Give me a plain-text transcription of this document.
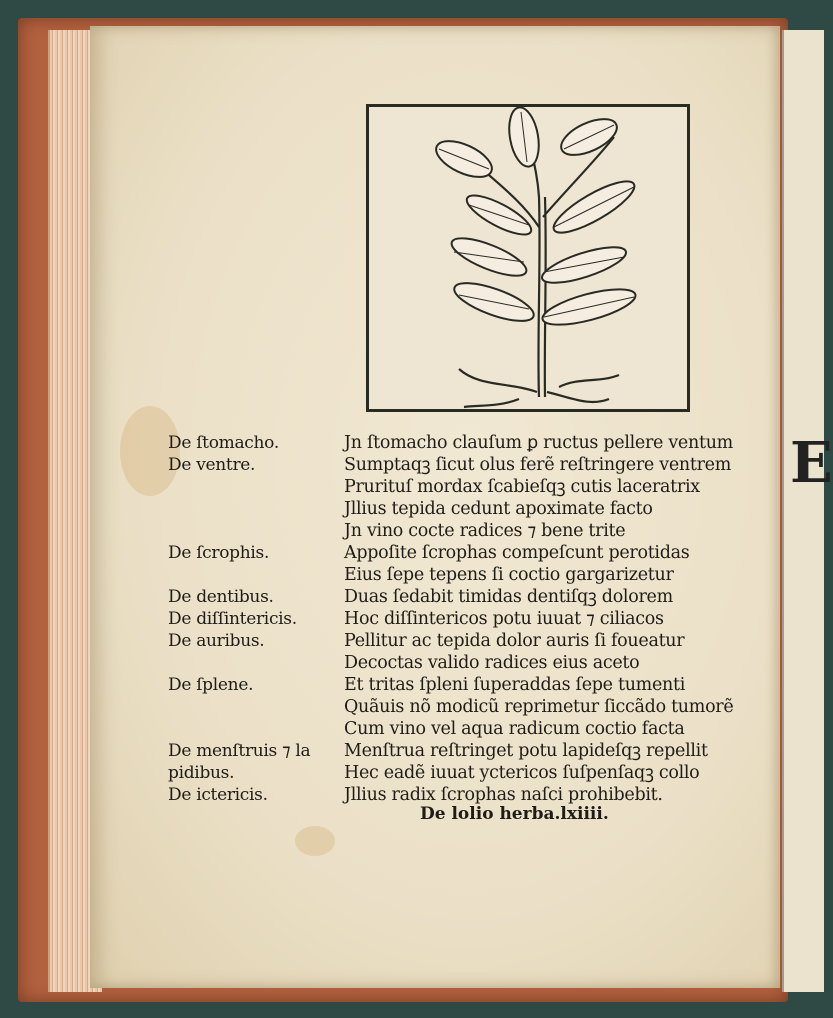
E
Jn ſtomacho clauſum ꝑ ructus pellere ventum
De ſtomacho.
Sumptaqꝫ ſicut olus ferẽ reſtringere ventrem
De ventre.
Prurituſ mordax ſcabieſqꝫ cutis laceratrix
Jllius tepida cedunt apoximate facto
Jn vino cocte radices ⁊ bene trite
Appoſite ſcrophas compeſcunt perotidas
De ſcrophis.
Eius ſepe tepens ſi coctio gargarizetur
Duas ſedabit timidas dentiſqꝫ dolorem
De dentibus.
Hoc diſſintericos potu iuuat ⁊ ciliacos
De diſſintericis.
Pellitur ac tepida dolor auris ſi foueatur
De auribus.
Decoctas valido radices eius aceto
Et tritas ſpleni ſuperaddas ſepe tumenti
De ſplene.
Quãuis nõ modicũ reprimetur ſiccãdo tumorẽ
Cum vino vel aqua radicum coctio facta
Menſtrua reſtringet potu lapideſqꝫ repellit
De menſtruis ⁊ la
Hec eadẽ iuuat yctericos ſuſpenſaqꝫ collo
pidibus.
Jllius radix ſcrophas naſci prohibebit.
De ictericis.
De lolio herba.lxiiii.
